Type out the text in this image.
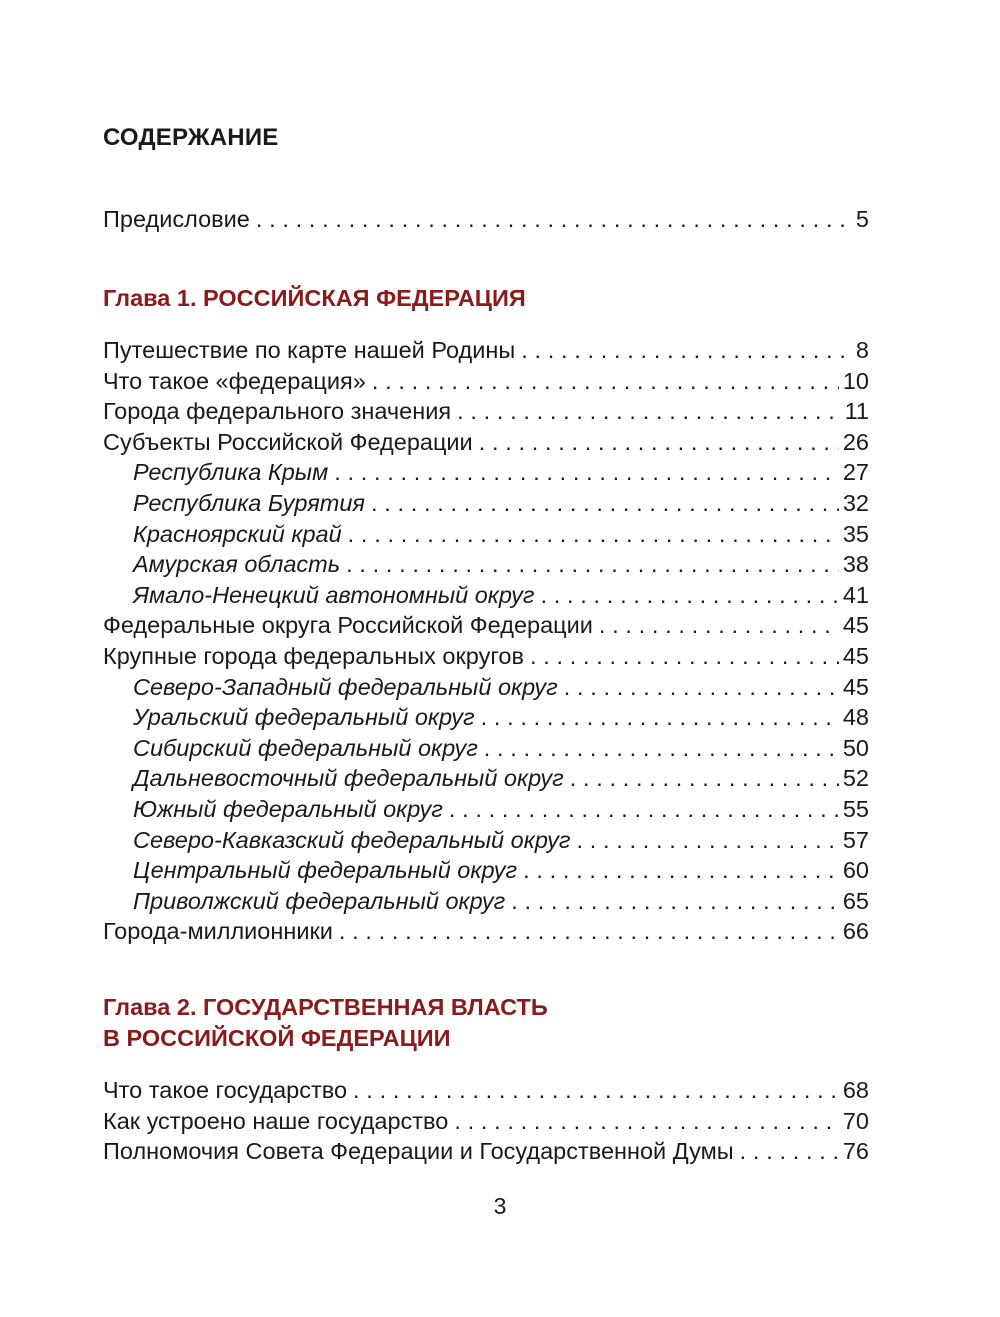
СОДЕРЖАНИЕ
Предисловие . . .	5
Глава 1. РОССИЙСКАЯ ФЕДЕРАЦИЯ
Путешествие по карте нашей Родины . . .	8
Что такое «федерация» . . .	10
Города федерального значения . . .	11
Субъекты Российской Федерации . . .	26
Республика Крым . . .	27
Республика Бурятия . . .	32
Красноярский край . . .	35
Амурская область . . .	38
Ямало-Ненецкий автономный округ . . .	41
Федеральные округа Российской Федерации . . .	45
Крупные города федеральных округов . . .	45
Северо-Западный федеральный округ . . .	45
Уральский федеральный округ . . .	48
Сибирский федеральный округ . . .	50
Дальневосточный федеральный округ . . .	52
Южный федеральный округ . . .	55
Северо-Кавказский федеральный округ . . .	57
Центральный федеральный округ . . .	60
Приволжский федеральный округ . . .	65
Города-миллионники . . .	66
Глава 2. ГОСУДАРСТВЕННАЯ ВЛАСТЬ
В РОССИЙСКОЙ ФЕДЕРАЦИИ
Что такое государство . . .	68
Как устроено наше государство . . .	70
Полномочия Совета Федерации и Государственной Думы . . .	76
3
